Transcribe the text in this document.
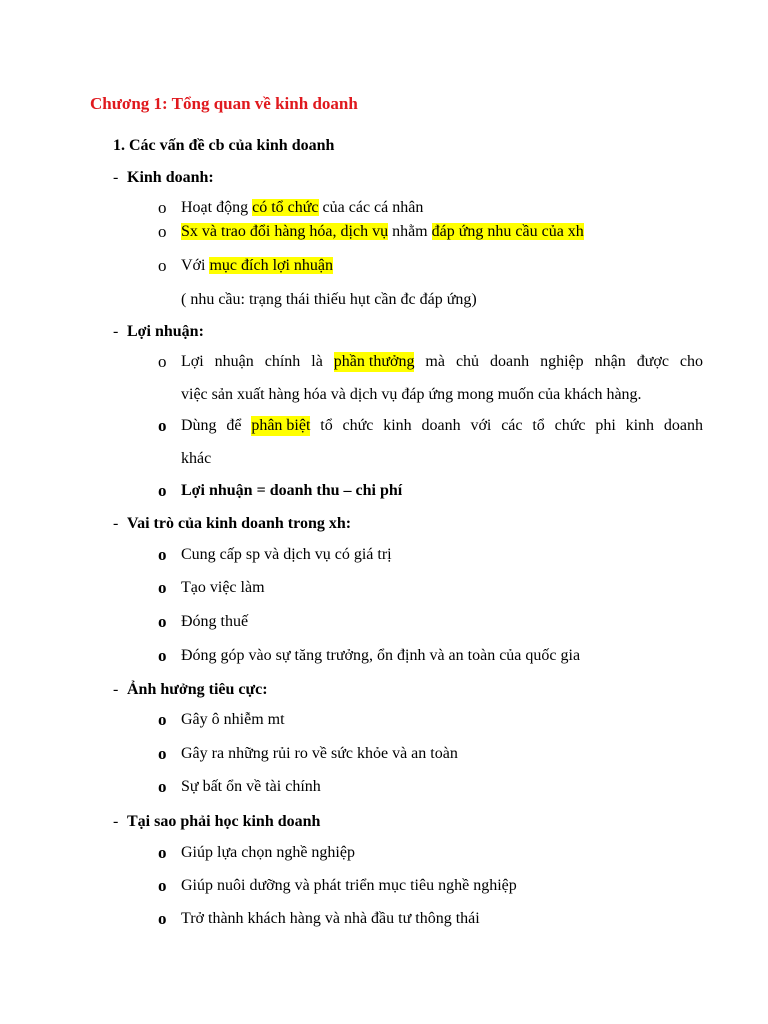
Chương 1: Tổng quan về kinh doanh
1. Các vấn đề cb của kinh doanh
- Kinh doanh:
o Hoạt động có tổ chức của các cá nhân
o Sx và trao đổi hàng hóa, dịch vụ nhằm đáp ứng nhu cầu của xh
o Với mục đích lợi nhuận
( nhu cầu: trạng thái thiếu hụt cần đc đáp ứng)
- Lợi nhuận:
o Lợi nhuận chính là phần thưởng mà chủ doanh nghiệp nhận được cho
việc sản xuất hàng hóa và dịch vụ đáp ứng mong muốn của khách hàng.
o Dùng để phân biệt tổ chức kinh doanh với các tổ chức phi kinh doanh
khác
o Lợi nhuận = doanh thu – chi phí
- Vai trò của kinh doanh trong xh:
o Cung cấp sp và dịch vụ có giá trị
o Tạo việc làm
o Đóng thuế
o Đóng góp vào sự tăng trưởng, ổn định và an toàn của quốc gia
- Ảnh hưởng tiêu cực:
o Gây ô nhiễm mt
o Gây ra những rủi ro về sức khỏe và an toàn
o Sự bất ổn về tài chính
- Tại sao phải học kinh doanh
o Giúp lựa chọn nghề nghiệp
o Giúp nuôi dưỡng và phát triển mục tiêu nghề nghiệp
o Trở thành khách hàng và nhà đầu tư thông thái
